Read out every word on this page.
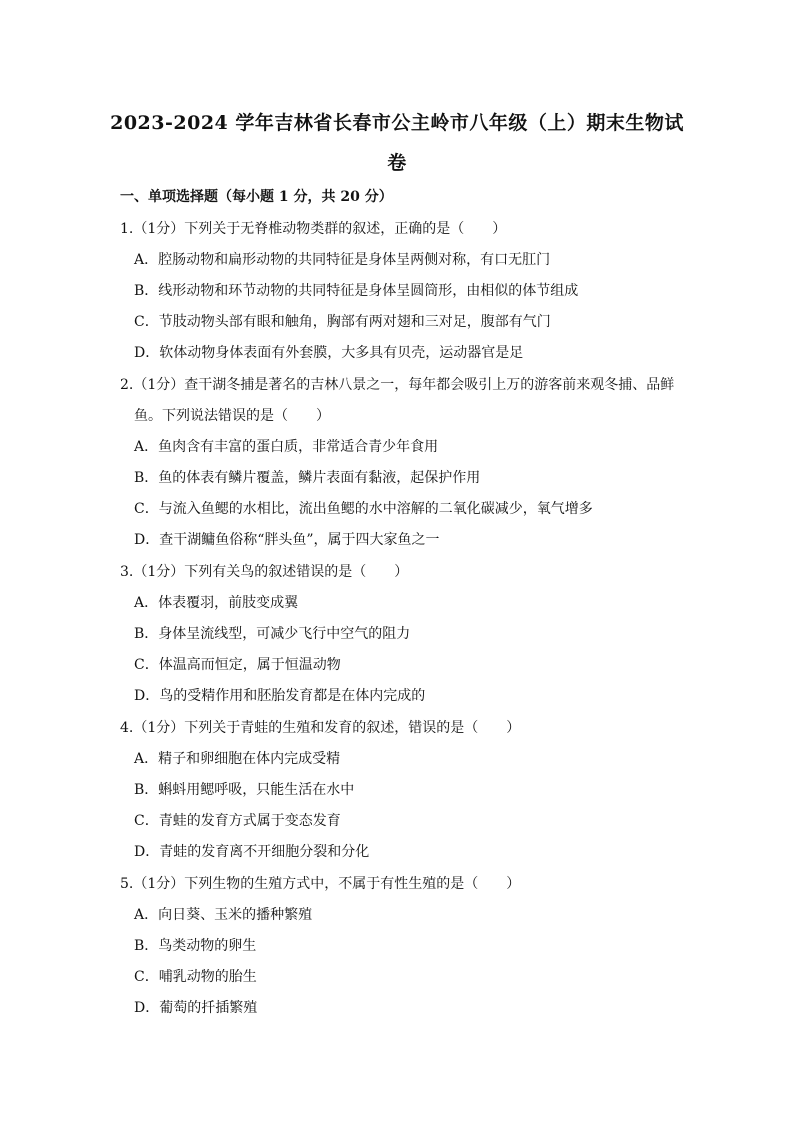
2023-2024 学年吉林省长春市公主岭市八年级（上）期末生物试
卷
一、单项选择题（每小题 1 分，共 20 分）
1.（1分）下列关于无脊椎动物类群的叙述，正确的是（　　）
A．腔肠动物和扁形动物的共同特征是身体呈两侧对称，有口无肛门
B．线形动物和环节动物的共同特征是身体呈圆筒形，由相似的体节组成
C．节肢动物头部有眼和触角，胸部有两对翅和三对足，腹部有气门
D．软体动物身体表面有外套膜，大多具有贝壳，运动器官是足
2.（1分）查干湖冬捕是著名的吉林八景之一，每年都会吸引上万的游客前来观冬捕、品鲜
鱼。下列说法错误的是（　　）
A．鱼肉含有丰富的蛋白质，非常适合青少年食用
B．鱼的体表有鳞片覆盖，鳞片表面有黏液，起保护作用
C．与流入鱼鳃的水相比，流出鱼鳃的水中溶解的二氧化碳减少，氧气增多
D．查干湖鳙鱼俗称“胖头鱼”，属于四大家鱼之一
3.（1分）下列有关鸟的叙述错误的是（　　）
A．体表覆羽，前肢变成翼
B．身体呈流线型，可减少飞行中空气的阻力
C．体温高而恒定，属于恒温动物
D．鸟的受精作用和胚胎发育都是在体内完成的
4.（1分）下列关于青蛙的生殖和发育的叙述，错误的是（　　）
A．精子和卵细胞在体内完成受精
B．蝌蚪用鳃呼吸，只能生活在水中
C．青蛙的发育方式属于变态发育
D．青蛙的发育离不开细胞分裂和分化
5.（1分）下列生物的生殖方式中，不属于有性生殖的是（　　）
A．向日葵、玉米的播种繁殖
B．鸟类动物的卵生
C．哺乳动物的胎生
D．葡萄的扦插繁殖
